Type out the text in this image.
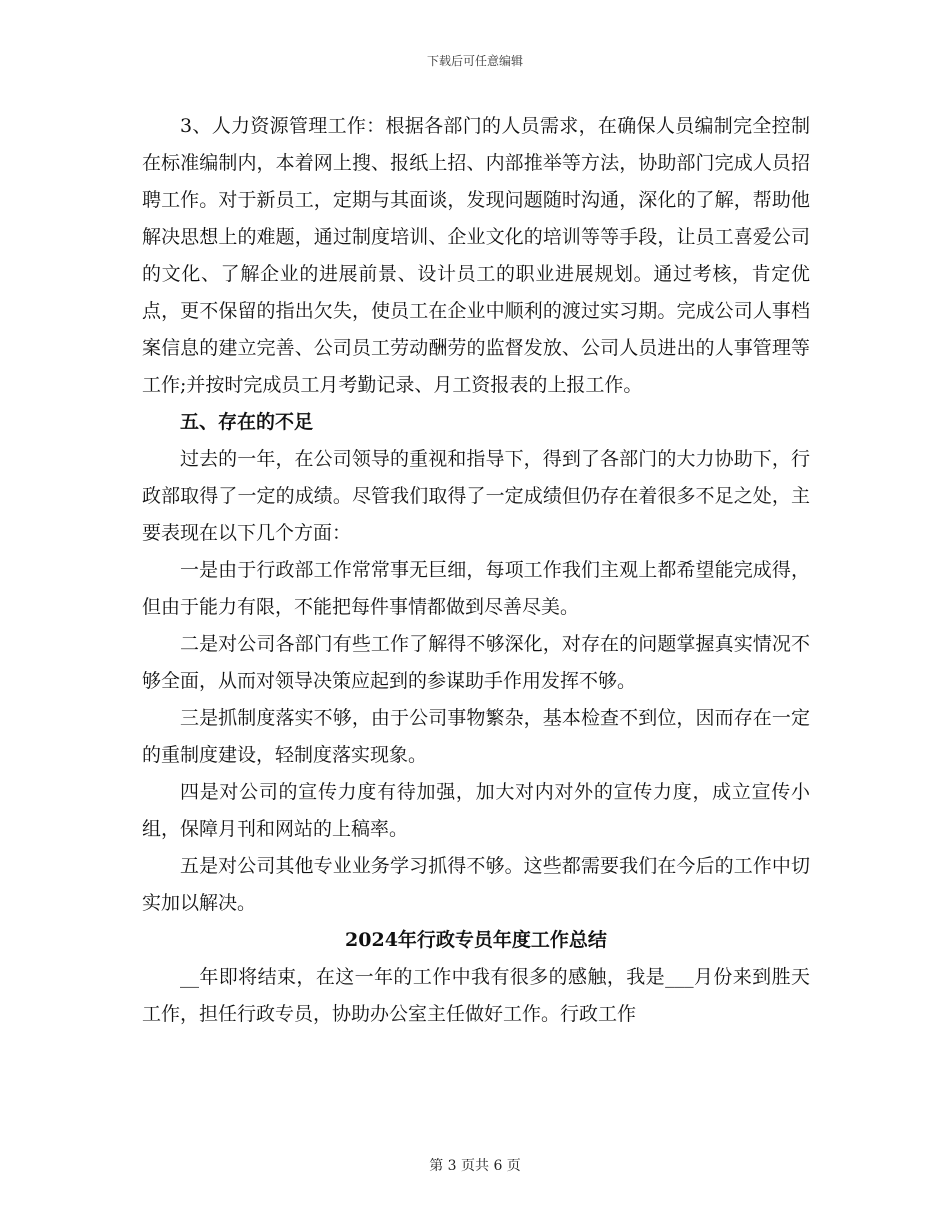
下载后可任意编辑

3、人力资源管理工作：根据各部门的人员需求，在确保人员编制完全控制在标准编制内，本着网上搜、报纸上招、内部推举等方法，协助部门完成人员招聘工作。对于新员工，定期与其面谈，发现问题随时沟通，深化的了解，帮助他解决思想上的难题，通过制度培训、企业文化的培训等等手段，让员工喜爱公司的文化、了解企业的进展前景、设计员工的职业进展规划。通过考核，肯定优点，更不保留的指出欠失，使员工在企业中顺利的渡过实习期。完成公司人事档案信息的建立完善、公司员工劳动酬劳的监督发放、公司人员进出的人事管理等工作;并按时完成员工月考勤记录、月工资报表的上报工作。

五、存在的不足

过去的一年，在公司领导的重视和指导下，得到了各部门的大力协助下，行政部取得了一定的成绩。尽管我们取得了一定成绩但仍存在着很多不足之处，主要表现在以下几个方面：

一是由于行政部工作常常事无巨细，每项工作我们主观上都希望能完成得，但由于能力有限，不能把每件事情都做到尽善尽美。

二是对公司各部门有些工作了解得不够深化，对存在的问题掌握真实情况不够全面，从而对领导决策应起到的参谋助手作用发挥不够。

三是抓制度落实不够，由于公司事物繁杂，基本检查不到位，因而存在一定的重制度建设，轻制度落实现象。

四是对公司的宣传力度有待加强，加大对内对外的宣传力度，成立宣传小组，保障月刊和网站的上稿率。

五是对公司其他专业业务学习抓得不够。这些都需要我们在今后的工作中切实加以解决。

2024年行政专员年度工作总结

__年即将结束，在这一年的工作中我有很多的感触，我是___月份来到胜天工作，担任行政专员，协助办公室主任做好工作。行政工作

第 3 页共 6 页
